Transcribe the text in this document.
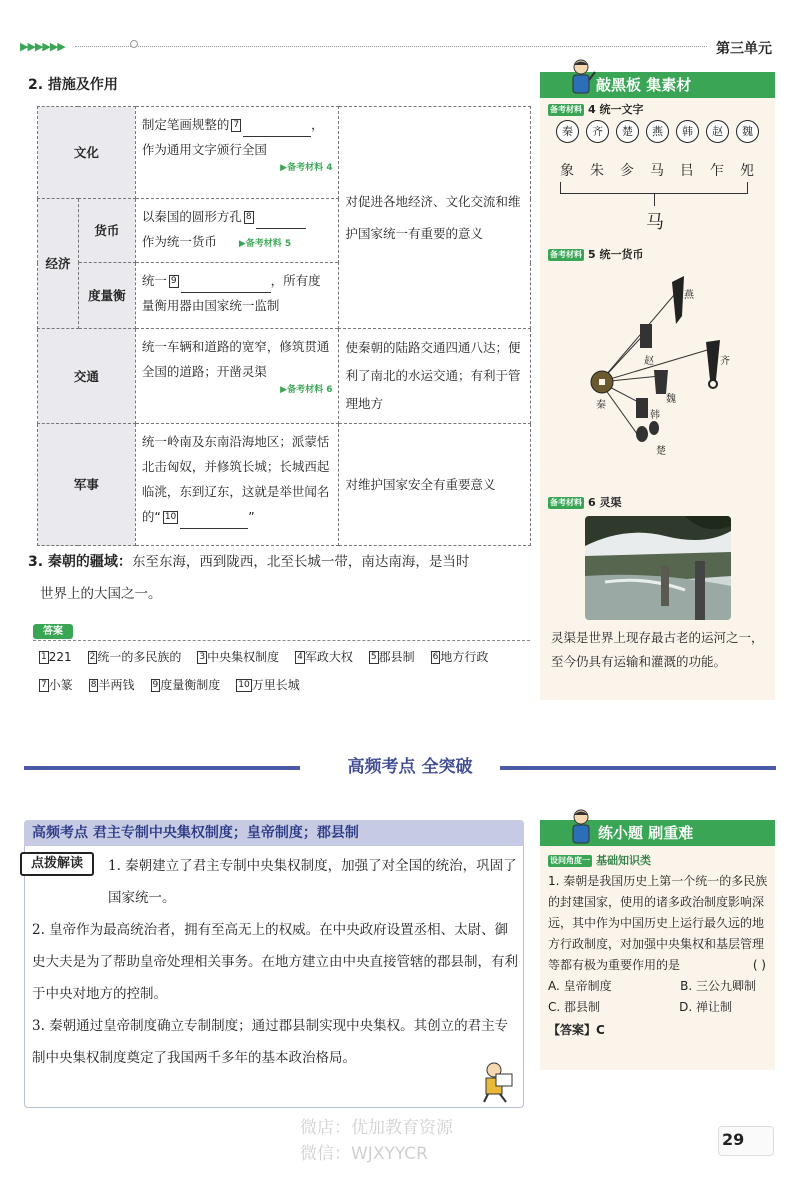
▶▶▶▶▶▶	第三单元
2. 措施及作用
文化		制定笔画规整的 7 ，
作为通用文字颁行全国
▶备考材料 4	对促进各地经济、文化交流和维护国家统一有重要的意义
经济	货币	以秦国的圆形方孔 8
作为统一货币 ▶备考材料 5	
	度量衡	统一 9 ，所有度
量衡用器由国家统一监制	
交通		统一车辆和道路的宽窄，修筑贯通全国的道路；开凿灵渠
▶备考材料 6	使秦朝的陆路交通四通八达；便利了南北的水运交通；有利于管理地方
军事		统一岭南及东南沿海地区；派蒙恬北击匈奴，并修筑长城；长城西起临洮，东到辽东，这就是举世闻名的“ 10 ”	对维护国家安全有重要意义
3. 秦朝的疆域：东至东海，西到陇西，北至长城一带，南达南海，是当时
世界上的大国之一。
答案
1 221 2 统一的多民族的 3 中央集权制度 4 军政大权 5 郡县制 6 地方行政7 小篆 8 半两钱 9 度量衡制度 10 万里长城
敲黑板 集素材
备考材料 4 统一文字
秦
象
齐
朱
楚
㐱
燕
马
韩
㠯
赵
乍
魏
夗
马
备考材料 5 统一货币
燕
齐
赵
魏
韩
楚
秦
备考材料 6 灵渠
灵渠是世界上现存最古老的运河之一，至今仍具有运输和灌溉的功能。
高频考点 全突破
高频考点 君主专制中央集权制度；皇帝制度；郡县制

1. 秦朝建立了君主专制中央集权制度，加强了对全国的统治，巩固了国家统一。

2. 皇帝作为最高统治者，拥有至高无上的权威。在中央政府设置丞相、太尉、御史大夫是为了帮助皇帝处理相关事务。在地方建立由中央直接管辖的郡县制，有利于中央对地方的控制。

3. 秦朝通过皇帝制度确立专制制度；通过郡县制实现中央集权。其创立的君主专制中央集权制度奠定了我国两千多年的基本政治格局。

点拨解读
练小题 刷重难
设问角度一 基础知识类
1. 秦朝是我国历史上第一个统一的多民族的封建国家，使用的诸多政治制度影响深远，其中作为中国历史上运行最久远的地方行政制度，对加强中央集权和基层管理等都有极为重要作用的是	( )
A. 皇帝制度	B. 三公九卿制
C. 郡县制	D. 禅让制
【答案】C
微店：优加教育资源
微信：WJXYYCR
29
